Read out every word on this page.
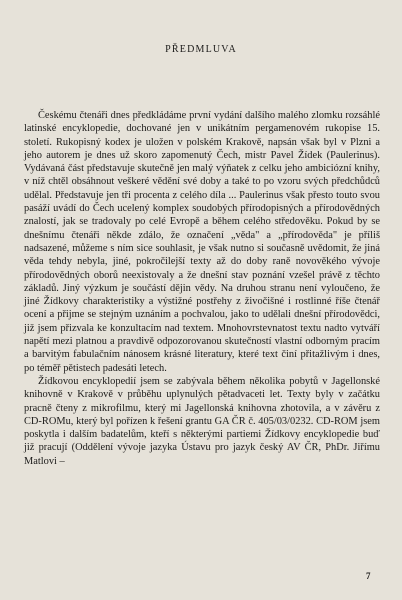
PŘEDMLUVA

Českému čtenáři dnes předkládáme první vydání dalšího malého zlomku rozsáhlé latinské encyklopedie, dochované jen v unikátním pergamenovém rukopise 15. století. Rukopisný kodex je uložen v polském Krakově, napsán však byl v Plzni a jeho autorem je dnes už skoro zapomenutý Čech, mistr Pavel Žídek (Paulerinus). Vydávaná část představuje skutečně jen malý výňatek z celku jeho ambiciózní knihy, v níž chtěl obsáhnout veškeré vědění své doby a také to po vzoru svých předchůdců udělal. Představuje jen tři procenta z celého díla ... Paulerinus však přesto touto svou pasáží uvádí do Čech ucelený komplex soudobých přírodopisných a přírodovědných znalostí, jak se tradovaly po celé Evropě a během celého středověku. Pokud by se dnešnímu čtenáři někde zdálo, že označení „věda" a „přírodověda" je příliš nadsazené, můžeme s ním sice souhlasit, je však nutno si současně uvědomit, že jiná věda tehdy nebyla, jiné, pokročilejší texty až do doby raně novověkého vývoje přírodovědných oborů neexistovaly a že dnešní stav poznání vzešel právě z těchto základů. Jiný výzkum je součástí dějin vědy. Na druhou stranu není vyloučeno, že jiné Žídkovy charakteristiky a výstižné postřehy z živočišné i rostlinné říše čtenář ocení a přijme se stejným uznáním a pochvalou, jako to udělali dnešní přírodovědci, již jsem přizvala ke konzultacím nad textem. Mnohovrstevnatost textu nadto vytváří napětí mezi platnou a pravdivě odpozorovanou skutečností vlastní odborným pracím a barvitým fabulačním nánosem krásné literatury, které text činí přitažlivým i dnes, po téměř pětistech padesáti letech.

Žídkovou encyklopedií jsem se zabývala během několika pobytů v Jagellonské knihovně v Krakově v průběhu uplynulých pětadvaceti let. Texty byly v začátku pracně čteny z mikrofilmu, který mi Jagellonská knihovna zhotovila, a v závěru z CD-ROMu, který byl pořízen k řešení grantu GA ČR č. 405/03/0232. CD-ROM jsem poskytla i dalším badatelům, kteří s některými partiemi Žídkovy encyklopedie buď již pracují (Oddělení vývoje jazyka Ústavu pro jazyk český AV ČR, PhDr. Jiřímu Matlovi –

7
